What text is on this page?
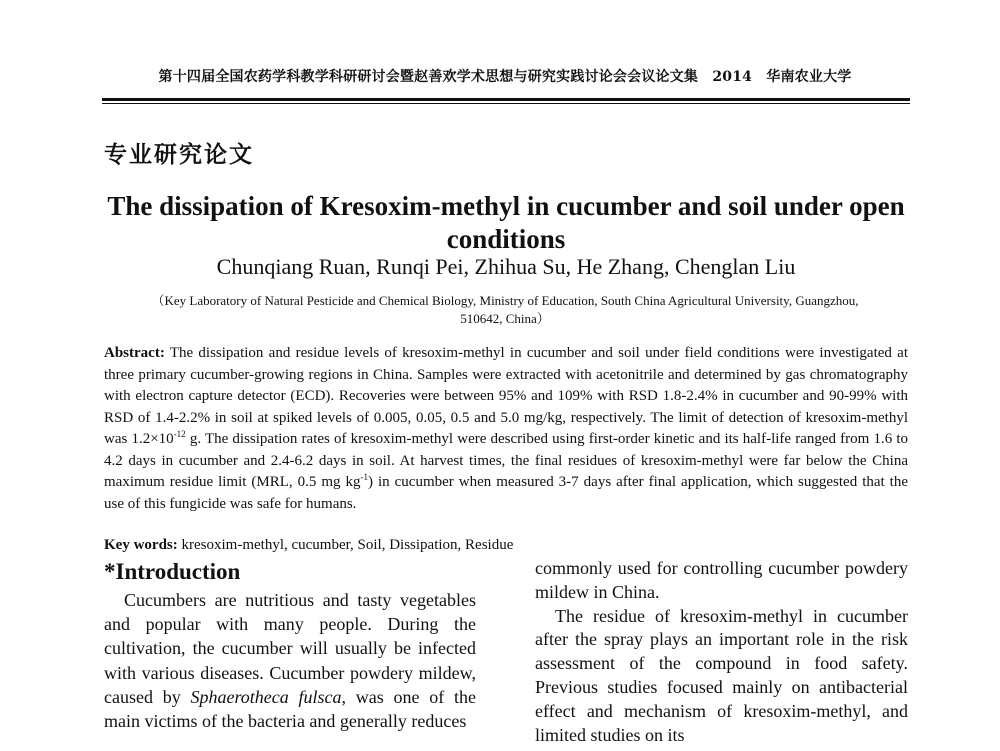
第十四届全国农药学科教学科研研讨会暨赵善欢学术思想与研究实践讨论会会议论文集　2014　华南农业大学
专业研究论文
The dissipation of Kresoxim-methyl in cucumber and soil under open conditions
Chunqiang Ruan, Runqi Pei, Zhihua Su, He Zhang, Chenglan Liu
（Key Laboratory of Natural Pesticide and Chemical Biology, Ministry of Education, South China Agricultural University, Guangzhou, 510642, China）

Abstract: The dissipation and residue levels of kresoxim-methyl in cucumber and soil under field conditions were investigated at three primary cucumber-growing regions in China. Samples were extracted with acetonitrile and determined by gas chromatography with electron capture detector (ECD). Recoveries were between 95% and 109% with RSD 1.8-2.4% in cucumber and 90-99% with RSD of 1.4-2.2% in soil at spiked levels of 0.005, 0.05, 0.5 and 5.0 mg/kg, respectively. The limit of detection of kresoxim-methyl was $1.2\times 10^{-12}$ g. The dissipation rates of kresoxim-methyl were described using first-order kinetic and its half-life ranged from 1.6 to 4.2 days in cucumber and 2.4-6.2 days in soil. At harvest times, the final residues of kresoxim-methyl were far below the China maximum residue limit (MRL, 0.5 mg $kg^{-1}$) in cucumber when measured 3-7 days after final application, which suggested that the use of this fungicide was safe for humans.

Key words: kresoxim-methyl, cucumber, Soil, Dissipation, Residue

*Introduction

Cucumbers are nutritious and tasty vegetables and popular with many people. During the cultivation, the cucumber will usually be infected with various diseases. Cucumber powdery mildew, caused by Sphaerotheca fulsca, was one of the main victims of the bacteria and generally reduces

commonly used for controlling cucumber powdery mildew in China.

The residue of kresoxim-methyl in cucumber after the spray plays an important role in the risk assessment of the compound in food safety. Previous studies focused mainly on antibacterial effect and mechanism of kresoxim-methyl, and limited studies on its
